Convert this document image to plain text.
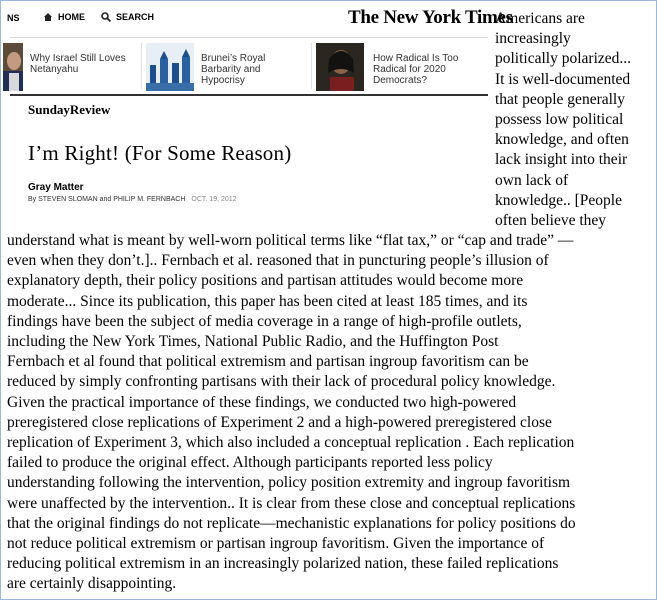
NS	HOME	SEARCH	The New York Times
Why Israel Still Loves Netanyahu
Brunei’s Royal Barbarity and Hypocrisy
How Radical Is Too Radical for 2020 Democrats?
SundayReview
I’m Right! (For Some Reason)
Gray Matter
By STEVEN SLOMAN and PHILIP M. FERNBACH OCT. 19, 2012
Americans are
increasingly
politically polarized...
It is well-documented
that people generally
possess low political
knowledge, and often
lack insight into their
own lack of
knowledge.. [People
often believe they
understand what is meant by well-worn political terms like “flat tax,” or “cap and trade” —
even when they don’t.].. Fernbach et al. reasoned that in puncturing people’s illusion of
explanatory depth, their policy positions and partisan attitudes would become more
moderate... Since its publication, this paper has been cited at least 185 times, and its
findings have been the subject of media coverage in a range of high-profile outlets,
including the New York Times, National Public Radio, and the Huffington Post
Fernbach et al found that political extremism and partisan ingroup favoritism can be
reduced by simply confronting partisans with their lack of procedural policy knowledge.
Given the practical importance of these findings, we conducted two high-powered
preregistered close replications of Experiment 2 and a high-powered preregistered close
replication of Experiment 3, which also included a conceptual replication . Each replication
failed to produce the original effect. Although participants reported less policy
understanding following the intervention, policy position extremity and ingroup favoritism
were unaffected by the intervention.. It is clear from these close and conceptual replications
that the original findings do not replicate—mechanistic explanations for policy positions do
not reduce political extremism or partisan ingroup favoritism. Given the importance of
reducing political extremism in an increasingly polarized nation, these failed replications
are certainly disappointing.
